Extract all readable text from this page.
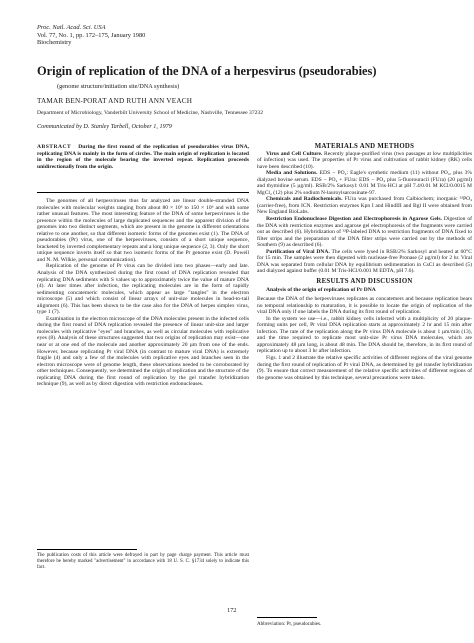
Proc. Natl. Acad. Sci. USA
Vol. 77, No. 1, pp. 172–175, January 1980
Biochemistry
Origin of replication of the DNA of a herpesvirus (pseudorabies)
(genome structure/initiation site/DNA synthesis)
TAMAR BEN-PORAT AND RUTH ANN VEACH
Department of Microbiology, Vanderbilt University School of Medicine, Nashville, Tennessee 37232
Communicated by D. Stanley Tarbell, October 1, 1979
ABSTRACT During the first round of the replication of pseudorabies virus DNA, replicating DNA is mainly in the form of circles. The main origin of replication is located in the region of the molecule bearing the inverted repeat. Replication proceeds unidirectionally from the origin.

The genomes of all herpesviruses thus far analyzed are linear double-stranded DNA molecules with molecular weights ranging from about 80 × 10⁶ to 150 × 10⁶ and with some rather unusual features. The most interesting feature of the DNA of some herpesviruses is the presence within the molecules of large duplicated sequences and the apparent division of the genomes into two distinct segments, which are present in the genome in different orientations relative to one another, so that different isomeric forms of the genomes exist (1). The DNA of pseudorabies (Pr) virus, one of the herpesviruses, consists of a short unique sequence, bracketed by inverted complementary repeats and a long unique sequence (2, 3). Only the short unique sequence inverts itself so that two isomeric forms of the Pr genome exist (D. Powell and N. M. Wilkie, personal communication).

Replication of the genome of Pr virus can be divided into two phases—early and late. Analysis of the DNA synthesized during the first round of DNA replication revealed that replicating DNA sediments with S values up to approximately twice the value of mature DNA (4). At later times after infection, the replicating molecules are in the form of rapidly sedimenting concatemeric molecules, which appear as large "tangles" in the electron microscope (5) and which consist of linear arrays of unit-size molecules in head-to-tail alignment (6). This has been shown to be the case also for the DNA of herpes simplex virus, type 1 (7).

Examination in the electron microscope of the DNA molecules present in the infected cells during the first round of DNA replication revealed the presence of linear unit-size and larger molecules with replicative "eyes" and branches, as well as circular molecules with replicative eyes (8). Analysis of these structures suggested that two origins of replication may exist—one near or at one end of the molecule and another approximately 20 µm from one of the ends. However, because replicating Pr viral DNA (in contrast to mature viral DNA) is extremely fragile (4) and only a few of the molecules with replicative eyes and branches seen in the electron microscope were of genome length, these observations needed to be corroborated by other techniques. Consequently, we determined the origin of replication and the structure of the replicating DNA during the first round of replication by the gel transfer hybridization technique (9), as well as by direct digestion with restriction endonucleases.

The publication costs of this article were defrayed in part by page charge payment. This article must therefore be hereby marked "advertisement" in accordance with 18 U. S. C. §1734 solely to indicate this fact.

MATERIALS AND METHODS

Virus and Cell Culture. Recently plaque-purified virus (two passages at low multiplicities of infection) was used. The properties of Pr virus and cultivation of rabbit kidney (RK) cells have been described (10).

Media and Solutions. EDS − PO₄: Eagle's synthetic medium (11) without PO₄, plus 3% dialyzed bovine serum. EDS − PO₄ + FUra: EDS − PO₄ plus 5-fluorouracil (FUra) (20 µg/ml) and thymidine (5 µg/ml). RSB/2% Sarkosyl: 0.01 M Tris·HCl at pH 7.4/0.01 M KCl/0.0015 M MgCl₂ (12) plus 2% sodium N-lauroylsarcosinate-97.

Chemicals and Radiochemicals. FUra was purchased from Calbiochem; inorganic ³²PO₄ (carrier-free), from ICN. Restriction enzymes Kpn I and HindIII and Bgl II were obtained from New England BioLabs.

Restriction Endonuclease Digestion and Electrophoresis in Agarose Gels. Digestion of the DNA with restriction enzymes and agarose gel electrophoresis of the fragments were carried out as described (6). Hybridization of ³²P-labeled DNA to restriction fragments of DNA fixed to filter strips and the preparation of the DNA filter strips were carried out by the methods of Southern (9) as described (6).

Purification of Viral DNA. The cells were lysed in RSB/2% Sarkosyl and heated at 60°C for 15 min. The samples were then digested with nuclease-free Pronase (2 µg/ml) for 2 hr. Viral DNA was separated from cellular DNA by equilibrium sedimentation in CsCl as described (5) and dialyzed against buffer (0.01 M Tris-HCl/0.001 M EDTA, pH 7.6).

RESULTS AND DISCUSSION

Analysis of the origin of replication of Pr DNA

Because the DNA of the herpesviruses replicates as concatemers and because replication bears no temporal relationship to maturation, it is possible to locate the origin of replication of the viral DNA only if one labels the DNA during its first round of replication.

In the system we use—i.e., rabbit kidney cells infected with a multiplicity of 20 plaque-forming units per cell, Pr viral DNA replication starts at approximately 2 hr and 15 min after infection. The rate of the replication along the Pr virus DNA molecule is about 1 µm/min (13), and the time required to replicate most unit-size Pr virus DNA molecules, which are approximately 48 µm long, is about 48 min. The DNA should be, therefore, in its first round of replication up to about 3 hr after infection.

Figs. 1 and 2 illustrate the relative specific activities of different regions of the viral genome during the first round of replication of Pr viral DNA, as determined by gel transfer hybridization (9). To ensure that correct measurement of the relative specific activities of different regions of the genome was obtained by this technique, several precautions were taken.

172
Abbreviation: Pr, pseudorabies.
